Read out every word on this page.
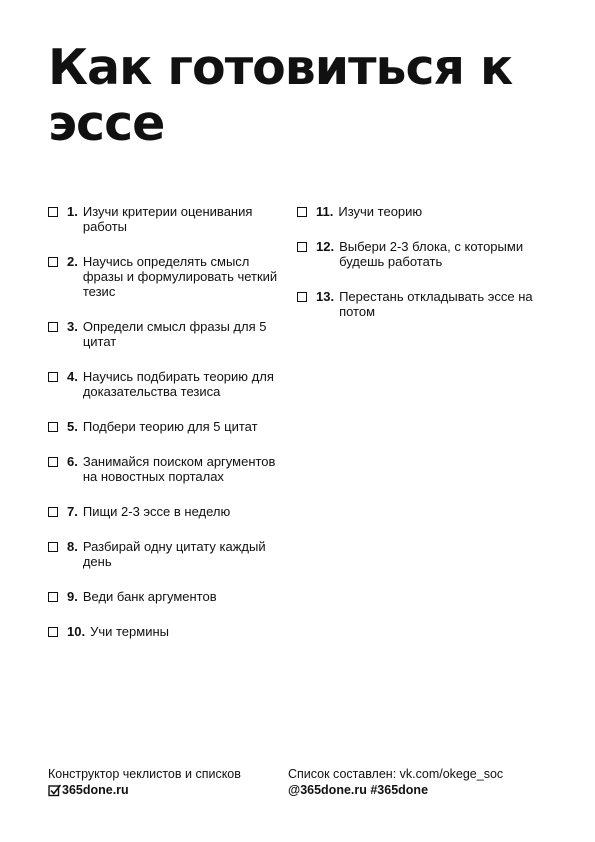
Как готовиться к эссе
1. Изучи критерии оценивания работы
2. Научись определять смысл фразы и формулировать четкий тезис
3. Определи смысл фразы для 5 цитат
4. Научись подбирать теорию для доказательства тезиса
5. Подбери теорию для 5 цитат
6. Занимайся поиском аргументов на новостных порталах
7. Пищи 2-3 эссе в неделю
8. Разбирай одну цитату каждый день
9. Веди банк аргументов
10. Учи термины
11. Изучи теорию
12. Выбери 2-3 блока, с которыми будешь работать
13. Перестань откладывать эссе на потом
Конструктор чеклистов и списков
365done.ru
Список составлен: vk.com/okege_soc
@365done.ru #365done
